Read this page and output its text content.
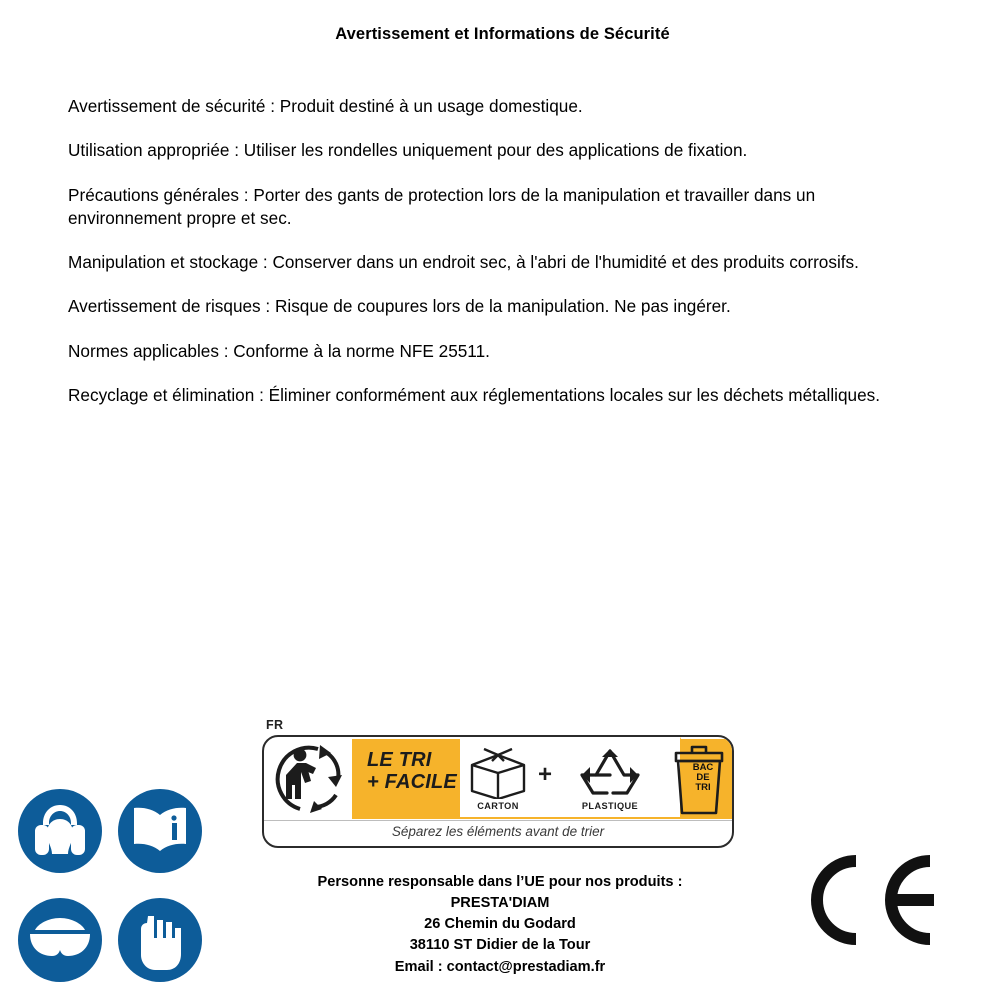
Avertissement et Informations de Sécurité

Avertissement de sécurité : Produit destiné à un usage domestique.

Utilisation appropriée : Utiliser les rondelles uniquement pour des applications de fixation.

Précautions générales : Porter des gants de protection lors de la manipulation et travailler dans un environnement propre et sec.

Manipulation et stockage : Conserver dans un endroit sec, à l'abri de l'humidité et des produits corrosifs.

Avertissement de risques : Risque de coupures lors de la manipulation. Ne pas ingérer.

Normes applicables : Conforme à la norme NFE 25511.

Recyclage et élimination : Éliminer conformément aux réglementations locales sur les déchets métalliques.

FR
LE TRI
+ FACILE
CARTON
+
PLASTIQUE
BAC
DE
TRI
Séparez les éléments avant de trier
Personne responsable dans l’UE pour nos produits :
PRESTA'DIAM
26 Chemin du Godard
38110 ST Didier de la Tour
Email : contact@prestadiam.fr
